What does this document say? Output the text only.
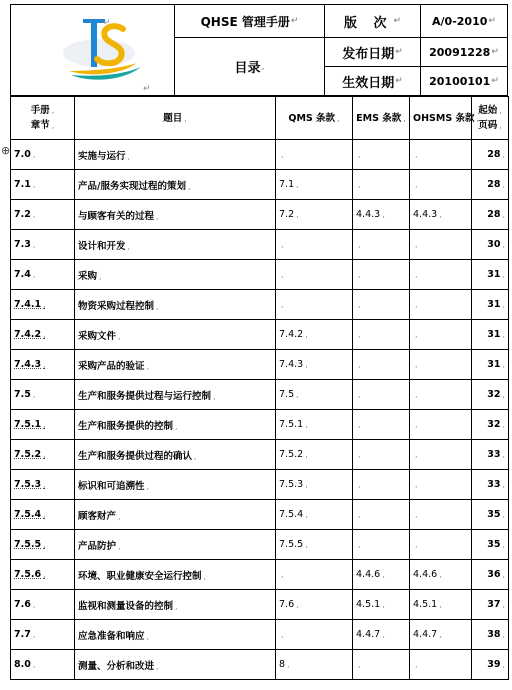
⊕
↵
↵
QHSE 管理手册 ↵
目录 ,
版 次 ↵	A/0-2010 ↵
发布日期 ↵ 20091228 ↵
生效日期 ↵ 20100101 ↵
手册 ,
章节 ,	题目 ,	QMS 条款 ,	EMS 条款 ,	OHSMS 条款 ,	起始 ,
页码 ,
7.0 ,	实施与运行 ,	,	,	,	28 ,
7.1 ,	产品/服务实现过程的策划 ,	7.1 ,	,	,	28 ,
7.2 ,	与顾客有关的过程 ,	7.2 ,	4.4.3 ,	4.4.3 ,	28 ,
7.3 ,	设计和开发 ,	,	,	,	30 ,
7.4 ,	采购 ,	,	,	,	31 ,
7.4.1 ,	物资采购过程控制 ,	,	,	,	31 ,
7.4.2 ,	采购文件 ,	7.4.2 ,	,	,	31 ,
7.4.3 ,	采购产品的验证 ,	7.4.3 ,	,	,	31 ,
7.5 ,	生产和服务提供过程与运行控制 ,	7.5 ,	,	,	32 ,
7.5.1 ,	生产和服务提供的控制 ,	7.5.1 ,	,	,	32 ,
7.5.2 ,	生产和服务提供过程的确认 ,	7.5.2 ,	,	,	33 ,
7.5.3 ,	标识和可追溯性 ,	7.5.3 ,	,	,	33 ,
7.5.4 ,	顾客财产 ,	7.5.4 ,	,	,	35 ,
7.5.5 ,	产品防护 ,	7.5.5 ,	,	,	35 ,
7.5.6 ,	环境、职业健康安全运行控制 ,	,	4.4.6 ,	4.4.6 ,	36 ,
7.6 ,	监视和测量设备的控制 ,	7.6 ,	4.5.1 ,	4.5.1 ,	37 ,
7.7 ,	应急准备和响应 ,	,	4.4.7 ,	4.4.7 ,	38 ,
8.0 ,	测量、分析和改进 ,	8 ,	,	,	39 ,
